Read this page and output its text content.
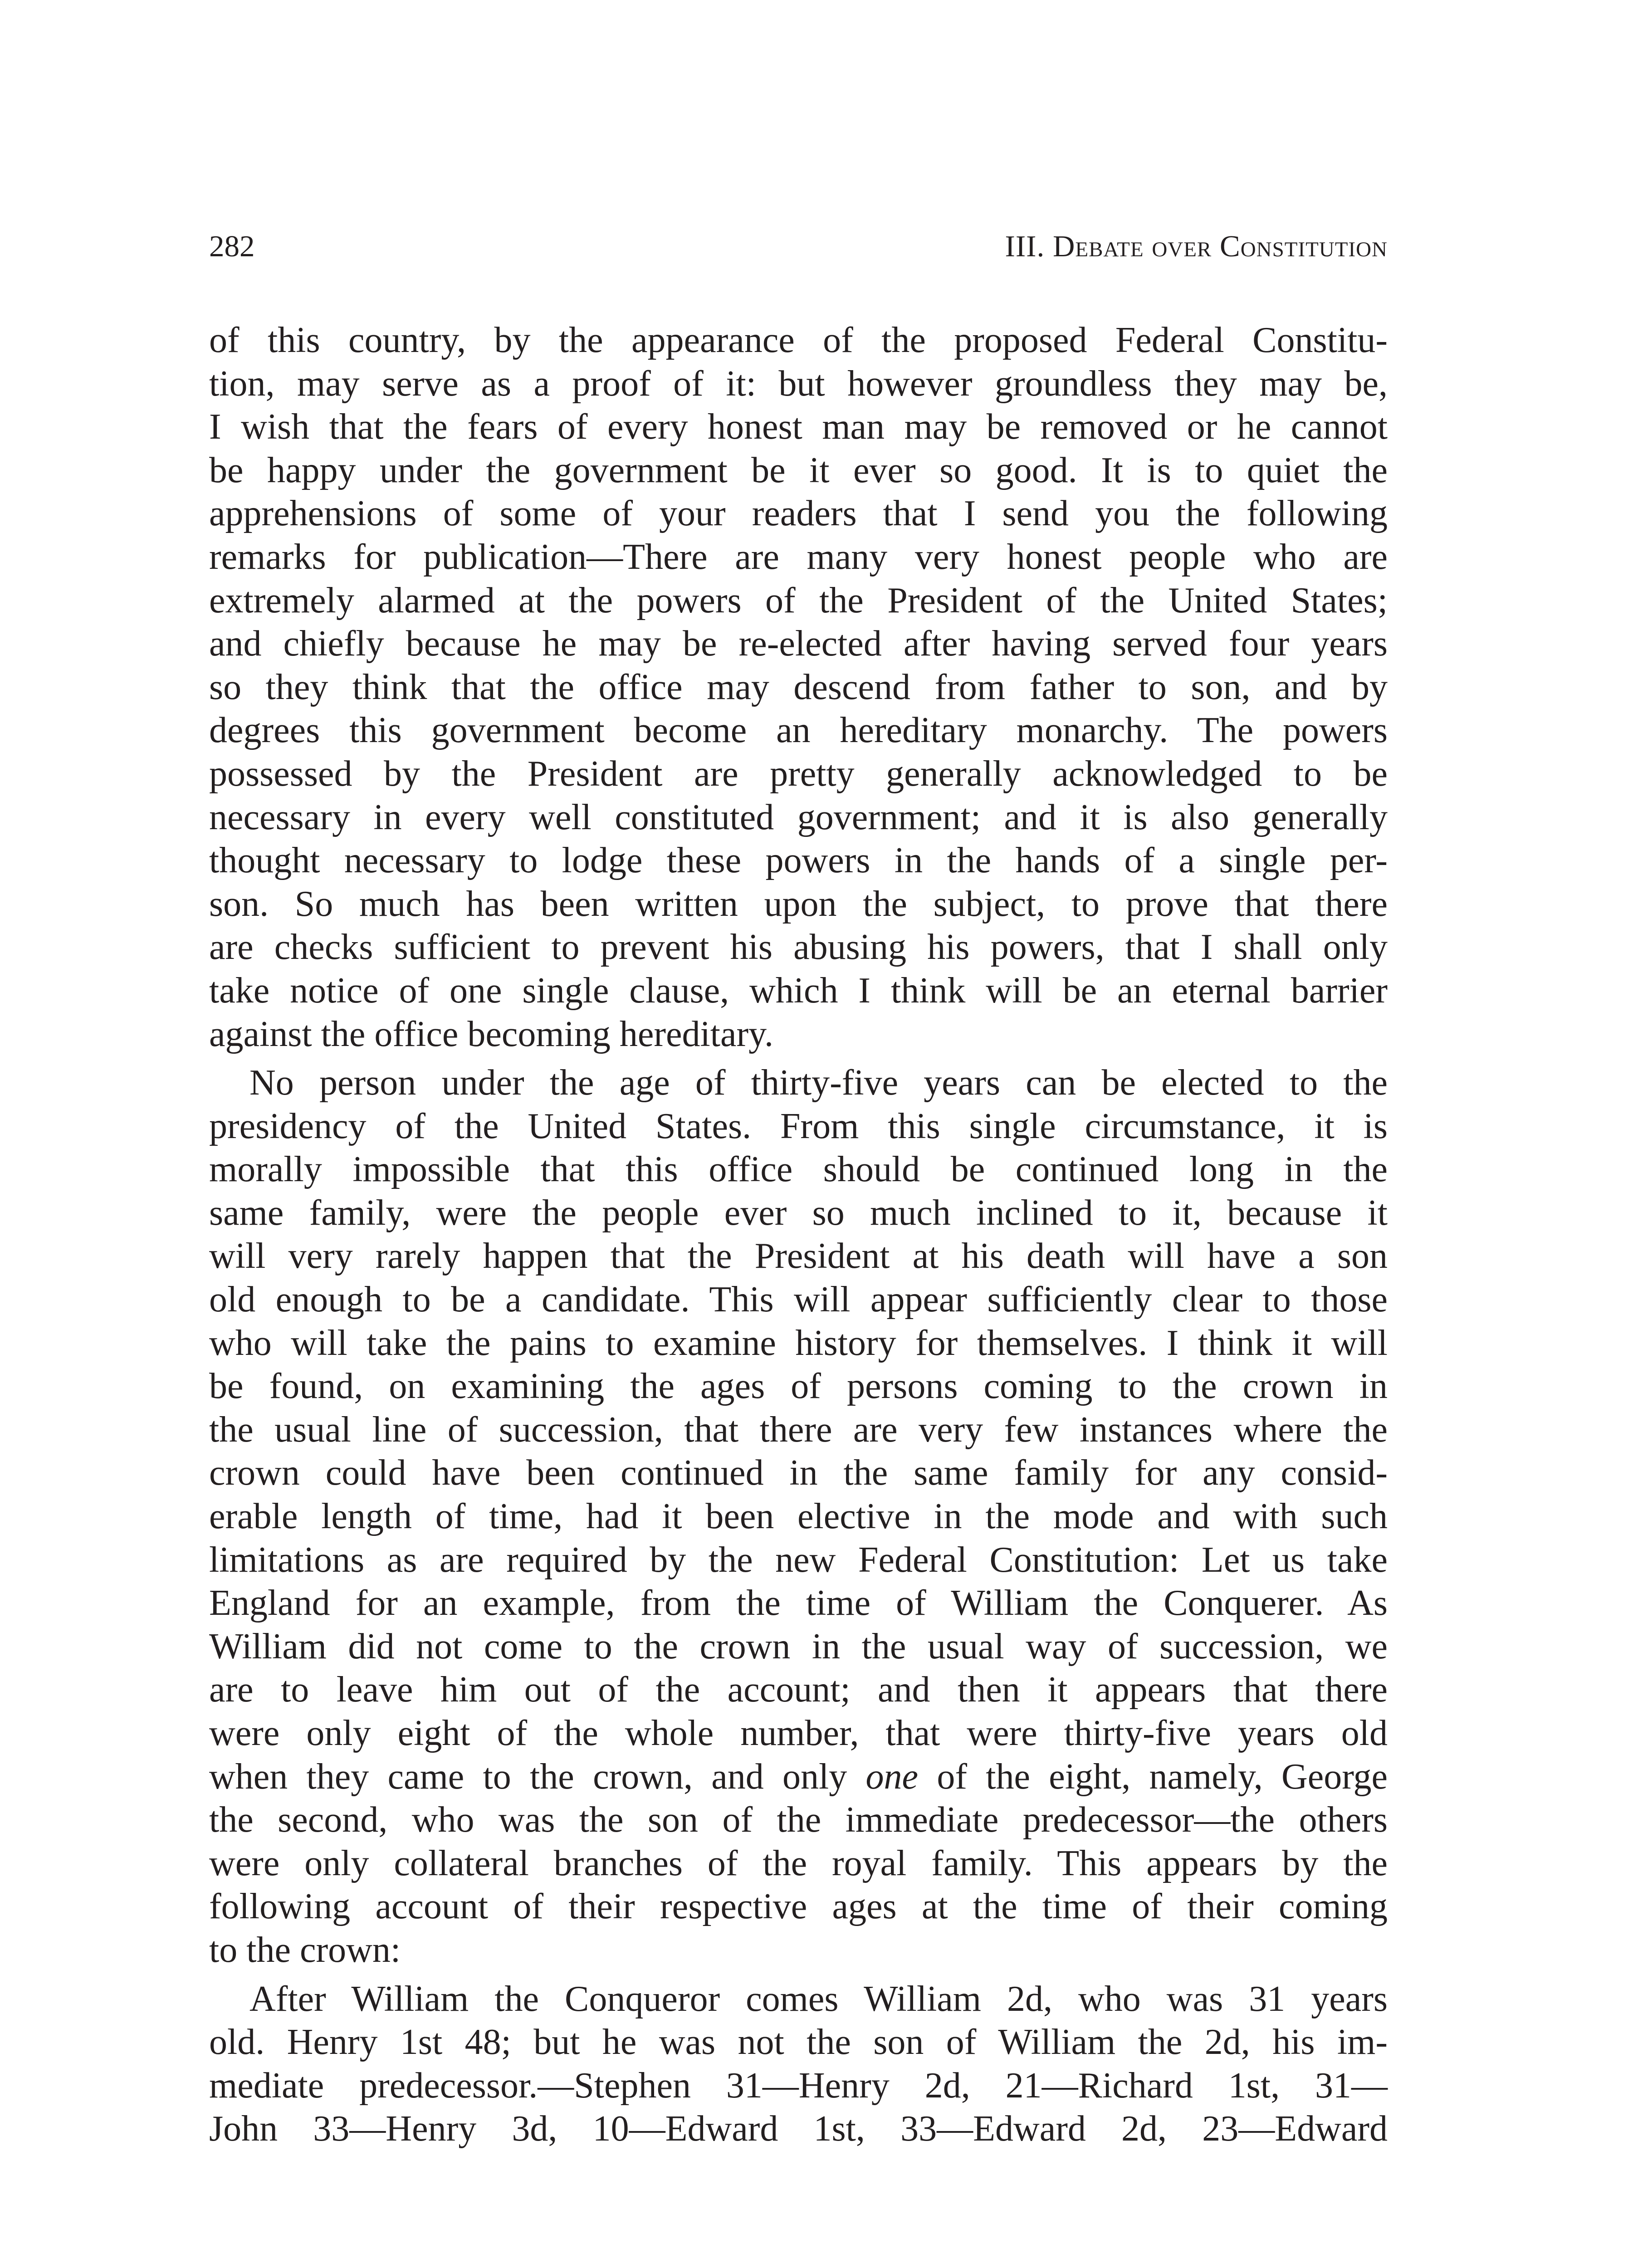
282	III. Debate over Constitution
of this country, by the appearance of the proposed Federal Constitu-
tion, may serve as a proof of it: but however groundless they may be,
I wish that the fears of every honest man may be removed or he cannot
be happy under the government be it ever so good. It is to quiet the
apprehensions of some of your readers that I send you the following
remarks for publication—There are many very honest people who are
extremely alarmed at the powers of the President of the United States;
and chiefly because he may be re-elected after having served four years
so they think that the office may descend from father to son, and by
degrees this government become an hereditary monarchy. The powers
possessed by the President are pretty generally acknowledged to be
necessary in every well constituted government; and it is also generally
thought necessary to lodge these powers in the hands of a single per-
son. So much has been written upon the subject, to prove that there
are checks sufficient to prevent his abusing his powers, that I shall only
take notice of one single clause, which I think will be an eternal barrier
against the office becoming hereditary.
No person under the age of thirty-five years can be elected to the
presidency of the United States. From this single circumstance, it is
morally impossible that this office should be continued long in the
same family, were the people ever so much inclined to it, because it
will very rarely happen that the President at his death will have a son
old enough to be a candidate. This will appear sufficiently clear to those
who will take the pains to examine history for themselves. I think it will
be found, on examining the ages of persons coming to the crown in
the usual line of succession, that there are very few instances where the
crown could have been continued in the same family for any consid-
erable length of time, had it been elective in the mode and with such
limitations as are required by the new Federal Constitution: Let us take
England for an example, from the time of William the Conquerer. As
William did not come to the crown in the usual way of succession, we
are to leave him out of the account; and then it appears that there
were only eight of the whole number, that were thirty-five years old
when they came to the crown, and only one of the eight, namely, George
the second, who was the son of the immediate predecessor—the others
were only collateral branches of the royal family. This appears by the
following account of their respective ages at the time of their coming
to the crown:
After William the Conqueror comes William 2d, who was 31 years
old. Henry 1st 48; but he was not the son of William the 2d, his im-
mediate predecessor.—Stephen 31—Henry 2d, 21—Richard 1st, 31—
John 33—Henry 3d, 10—Edward 1st, 33—Edward 2d, 23—Edward
